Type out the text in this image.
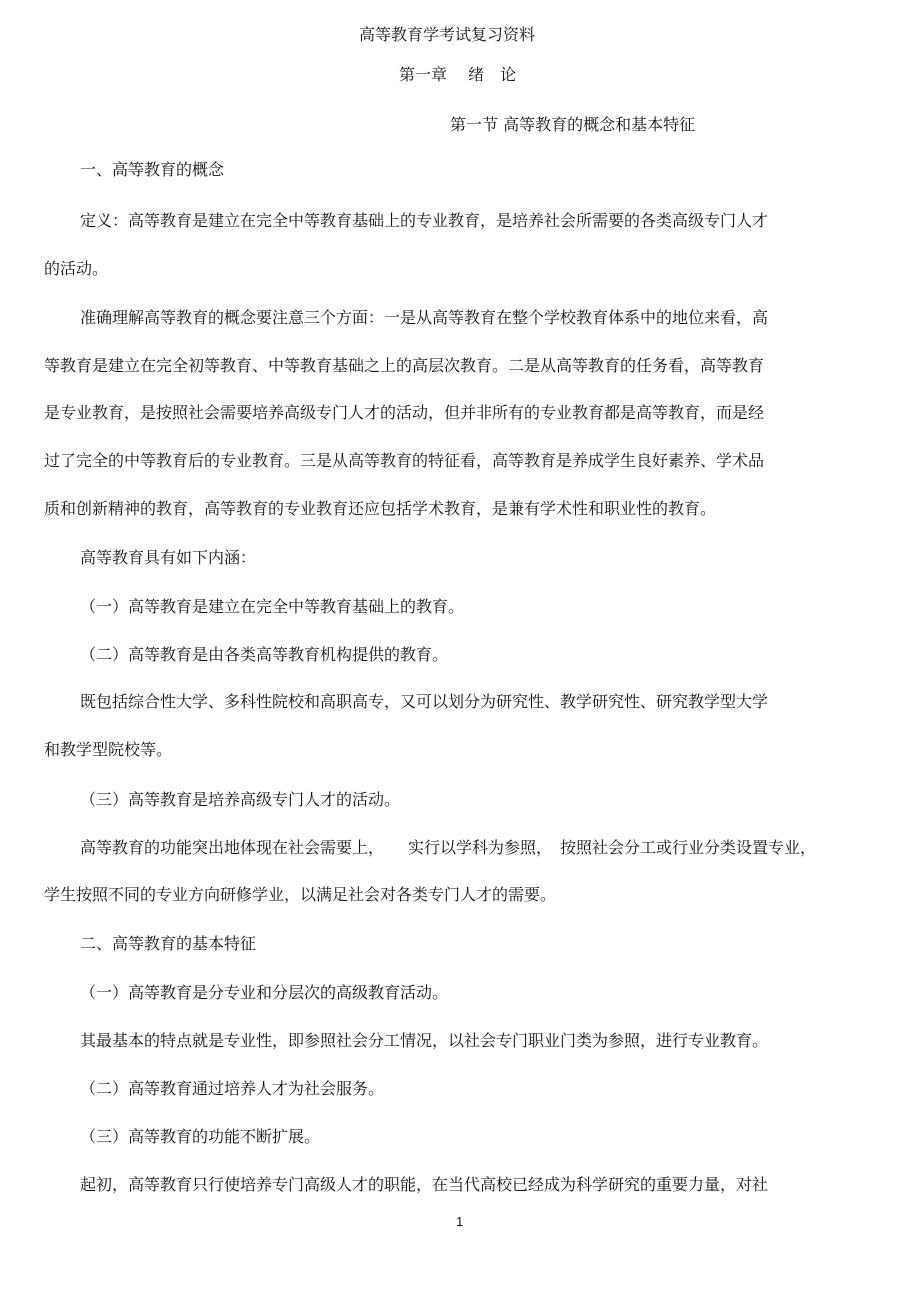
高等教育学考试复习资料

第一章　 绪　论

第一节 高等教育的概念和基本特征

一、高等教育的概念

定义：高等教育是建立在完全中等教育基础上的专业教育，是培养社会所需要的各类高级专门人才

的活动。

准确理解高等教育的概念要注意三个方面：一是从高等教育在整个学校教育体系中的地位来看，高

等教育是建立在完全初等教育、中等教育基础之上的高层次教育。二是从高等教育的任务看，高等教育

是专业教育，是按照社会需要培养高级专门人才的活动，但并非所有的专业教育都是高等教育，而是经

过了完全的中等教育后的专业教育。三是从高等教育的特征看，高等教育是养成学生良好素养、学术品

质和创新精神的教育，高等教育的专业教育还应包括学术教育，是兼有学术性和职业性的教育。

高等教育具有如下内涵：

（一）高等教育是建立在完全中等教育基础上的教育。

（二）高等教育是由各类高等教育机构提供的教育。

既包括综合性大学、多科性院校和高职高专，又可以划分为研究性、教学研究性、研究教学型大学

和教学型院校等。

（三）高等教育是培养高级专门人才的活动。

高等教育的功能突出地体现在社会需要上，　　实行以学科为参照，　按照社会分工或行业分类设置专业，

学生按照不同的专业方向研修学业，以满足社会对各类专门人才的需要。

二、高等教育的基本特征

（一）高等教育是分专业和分层次的高级教育活动。

其最基本的特点就是专业性，即参照社会分工情况，以社会专门职业门类为参照，进行专业教育。

（二）高等教育通过培养人才为社会服务。

（三）高等教育的功能不断扩展。

起初，高等教育只行使培养专门高级人才的职能，在当代高校已经成为科学研究的重要力量，对社

1
